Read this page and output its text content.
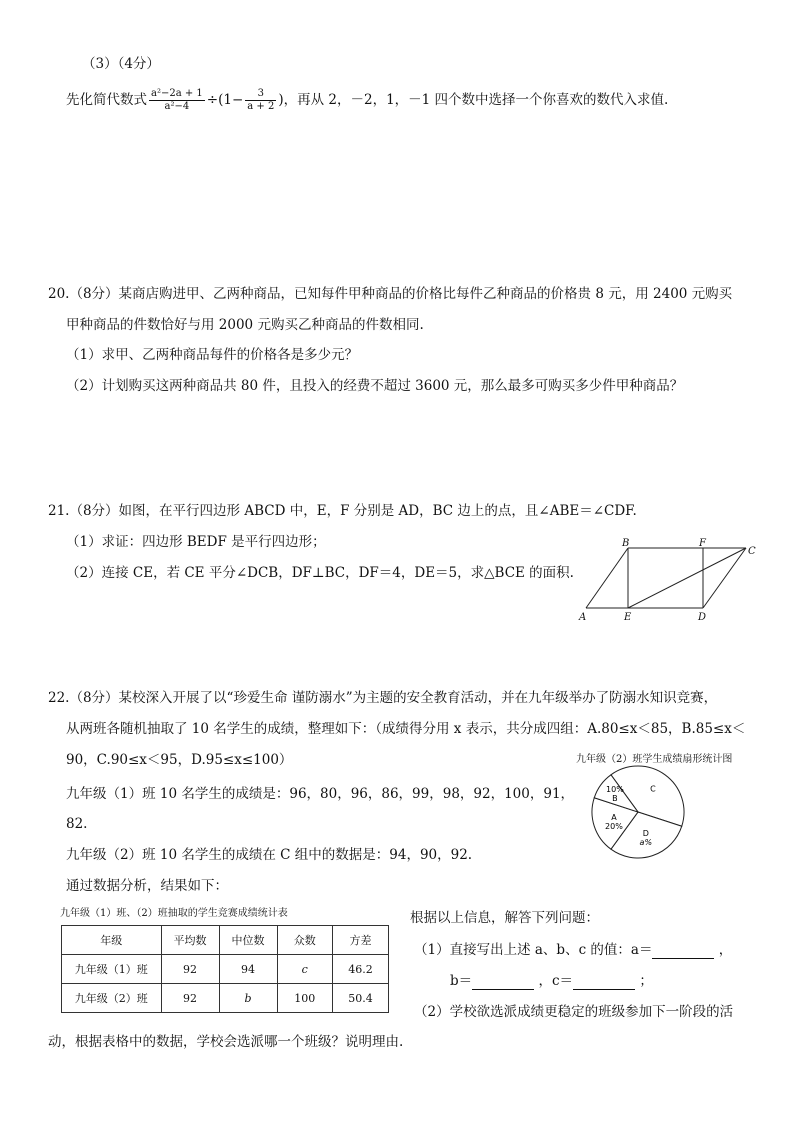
（3）（4分）
先化简代数式 $\frac{\text{a²−2a + 1}}{\text{a²−4}} \div(1- \frac{3}{a + 2}$ )，再从 2，－2，1，－1 四个数中选择一个你喜欢的数代入求值.
20.（8分）某商店购进甲、乙两种商品，已知每件甲种商品的价格比每件乙种商品的价格贵 8 元，用 2400 元购买
甲种商品的件数恰好与用 2000 元购买乙种商品的件数相同.
（1）求甲、乙两种商品每件的价格各是多少元？
（2）计划购买这两种商品共 80 件，且投入的经费不超过 3600 元，那么最多可购买多少件甲种商品？
21.（8分）如图，在平行四边形 ABCD 中，E，F 分别是 AD，BC 边上的点，且∠ABE＝∠CDF.
（1）求证：四边形 BEDF 是平行四边形；
（2）连接 CE，若 CE 平分∠DCB，DF⊥BC，DF＝4，DE＝5，求△BCE 的面积.
A
B
C
D
E
F
22.（8分）某校深入开展了以“珍爱生命 谨防溺水”为主题的安全教育活动，并在九年级举办了防溺水知识竞赛，
从两班各随机抽取了 10 名学生的成绩，整理如下：（成绩得分用 x 表示，共分成四组：A.80≤x＜85，B.85≤x＜
90，C.90≤x＜95，D.95≤x≤100）
九年级（1）班 10 名学生的成绩是：96，80，96，86，99，98，92，100，91，
82.
九年级（2）班 10 名学生的成绩在 C 组中的数据是：94，90，92.
通过数据分析，结果如下：
九年级（2）班学生成绩扇形统计图
C
D
a%
A
20%
B
10%
九年级（1）班、（2）班抽取的学生竞赛成绩统计表
年级	平均数	中位数	众数	方差
九年级（1）班	92	94	c	46.2
九年级（2）班	92	b	100	50.4
根据以上信息，解答下列问题：
（1）直接写出上述 a、b、c 的值：a＝	，
b＝	，c＝	；
（2）学校欲选派成绩更稳定的班级参加下一阶段的活
动，根据表格中的数据，学校会选派哪一个班级？说明理由.
